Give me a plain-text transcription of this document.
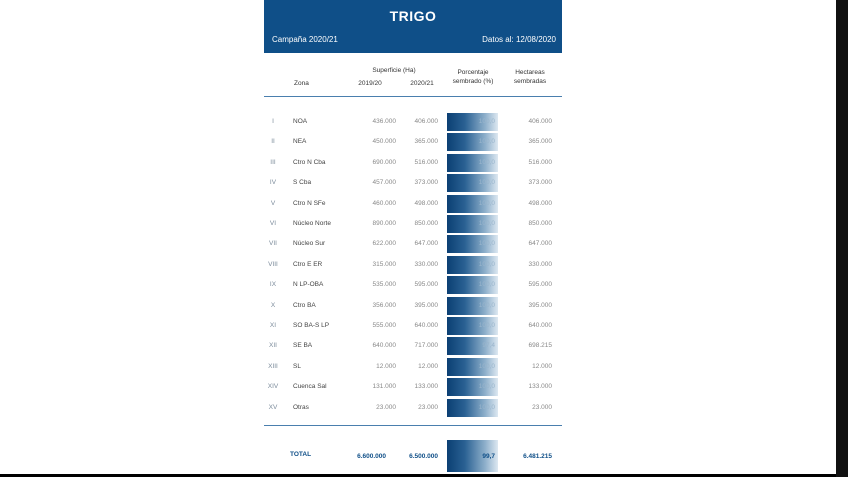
TRIGO
Campaña 2020/21	Datos al: 12/08/2020
Zona
Superficie (Ha)
2019/20	2020/21
Porcentaje
sembrado (%)
Hectareas
sembradas
I	NOA	436.000	406.000	100,0	406.000
II	NEA	450.000	365.000	100,0	365.000
III	Ctro N Cba	690.000	516.000	100,0	516.000
IV	S Cba	457.000	373.000	100,0	373.000
V	Ctro N SFe	460.000	498.000	100,0	498.000
VI	Núcleo Norte	890.000	850.000	100,0	850.000
VII	Núcleo Sur	622.000	647.000	100,0	647.000
VIII	Ctro E ER	315.000	330.000	100,0	330.000
IX	N LP-OBA	535.000	595.000	100,0	595.000
X	Ctro BA	356.000	395.000	100,0	395.000
XI	SO BA-S LP	555.000	640.000	100,0	640.000
XII	SE BA	640.000	717.000	97,4	698.215
XIII	SL	12.000	12.000	100,0	12.000
XIV	Cuenca Sal	131.000	133.000	100,0	133.000
XV	Otras	23.000	23.000	100,0	23.000
TOTAL	6.600.000	6.500.000	99,7	6.481.215
